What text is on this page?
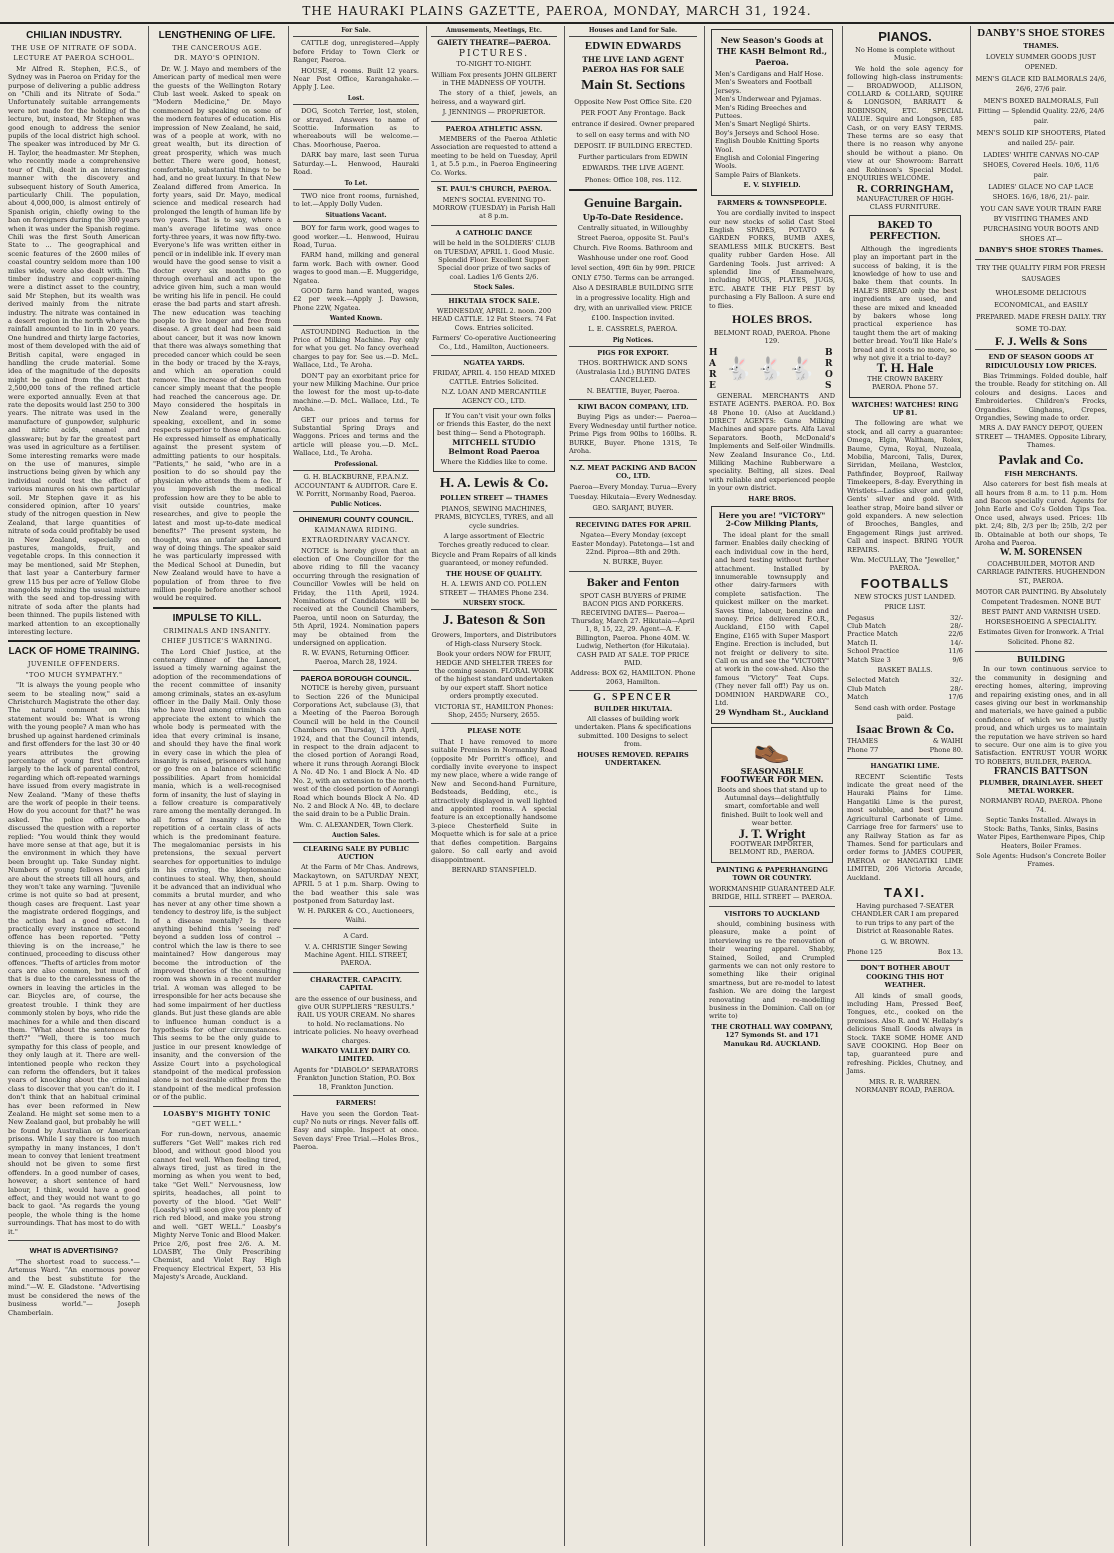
THE HAURAKI PLAINS GAZETTE, PAEROA, MONDAY, MARCH 31, 1924.
CHILIAN INDUSTRY.
THE USE OF NITRATE OF SODA.
LECTURE AT PAEROA SCHOOL.

Mr Alfred R. Stephen, F.C.S., of Sydney was in Paeroa on Friday for the purpose of delivering a public address on "Chili and its Nitrate of Soda." Unfortunately suitable arrangements were not made for the holding of the lecture, but, instead, Mr Stephen was good enough to address the senior pupils of the local district high school. The speaker was introduced by Mr G. H. Taylor, the headmaster. Mr Stephen, who recently made a comprehensive tour of Chili, dealt in an interesting manner with the discovery and subsequent history of South America, particularly Chili. The population, about 4,000,000, is almost entirely of Spanish origin, chiefly owing to the ban on foreigners during the 300 years when it was under the Spanish regime. Chili was the first South American State to ... The geographical and scenic features of the 2600 miles of coastal country seldom more than 100 miles wide, were also dealt with. The timber industry and copper-mining were a distinct asset to the country, said Mr Stephen, but its wealth was derived mainly from the nitrate industry. The nitrate was contained in a desert region in the north where the rainfall amounted to 1in in 20 years. One hundred and thirty large factories, most of them developed with the aid of British capital, were engaged in handling the crude material. Some idea of the magnitude of the deposits might be gained from the fact that 2,500,000 tons of the refined article were exported annually. Even at that rate the deposits would last 250 to 300 years. The nitrate was used in the manufacture of gunpowder, sulphuric and nitric acids, enamel and glassware; but by far the greatest part was used in agriculture as a fertiliser. Some interesting remarks were made on the use of manures, simple instructions being given by which any individual could test the effect of various manures on his own particular soil. Mr Stephen gave it as his considered opinion, after 10 years' study of the nitrogen question in New Zealand, that large quantities of nitrate of soda could profitably be used in New Zealand, especially on pastures, mangolds, fruit, and vegetable crops. In this connection it may be mentioned, said Mr Stephen, that last year a Canterbury farmer grew 115 bus per acre of Yellow Globe mangolds by mixing the usual mixture with the seed and top-dressing with nitrate of soda after the plants had been thinned. The pupils listened with marked attention to an exceptionally interesting lecture.

LACK OF HOME TRAINING.
JUVENILE OFFENDERS.
"TOO MUCH SYMPATHY."

"It is always the young people who seem to be stealing now," said a Christchurch Magistrate the other day. The natural comment on this statement would be: What is wrong with the young people? A man who has brushed up against hardened criminals and first offenders for the last 30 or 40 years attributes the growing percentage of young first offenders largely to the lack of parental control, regarding which oft-repeated warnings have issued from every magistrate in New Zealand. "Many of these thefts are the work of people in their teens. How do you account for that?" he was asked. The police officer who discussed the question with a reporter replied: "You would think they would have more sense at that age, but it is the environment in which they have been brought up. Take Sunday night. Numbers of young fellows and girls are about the streets till all hours, and they won't take any warning. "Juvenile crime is not quite so bad at present, though cases are frequent. Last year the magistrate ordered floggings, and the action had a good effect. In practically every instance no second offence has been reported. "Petty thieving is on the increase," he continued, proceeding to discuss other offences. "Thefts of articles from motor cars are also common, but much of that is due to the carelessness of the owners in leaving the articles in the car. Bicycles are, of course, the greatest trouble. I think they are commonly stolen by boys, who ride the machines for a while and then discard them. "What about the sentences for theft?" "Well, there is too much sympathy for this class of people, and they only laugh at it. There are well-intentioned people who reckon they can reform the offenders, but it takes years of knocking about the criminal class to discover that you can't do it. I don't think that an habitual criminal has ever been reformed in New Zealand. He might set some men to a New Zealand gaol, but probably he will be found by Australian or American prisons. While I say there is too much sympathy in many instances, I don't mean to convey that lenient treatment should not be given to some first offenders. In a good number of cases, however, a short sentence of hard labour, I think, would have a good effect, and they would not want to go back to gaol. "As regards the young people, the whole thing is the home surroundings. That has most to do with it."

WHAT IS ADVERTISING?

"The shortest road to success."— Artemus Ward. "An enormous power and the best substitute for the mind."—W. E. Gladstone. "Advertising must be considered the news of the business world."— Joseph Chamberlain.

LENGTHENING OF LIFE.
THE CANCEROUS AGE.
DR. MAYO'S OPINION.

Dr. W. J. Mayo and members of the American party of medical men were the guests of the Wellington Rotary Club last week. Asked to speak on "Modern Medicine," Dr. Mayo commenced by speaking on some of the modern features of education. His impression of New Zealand, he said, was of a people at work, with no great wealth, but its direction of great prosperity, which was much better. There were good, honest, comfortable, substantial things to be had, and no great luxury. In that New Zealand differed from America. In forty years, said Dr. Mayo, medical science and medical research had prolonged the length of human life by two years. That is to say, where a man's average lifetime was once forty-three years, it was now fifty-two. Everyone's life was written either in pencil or in indelible ink. If every man would have the good sense to visit a doctor every six months to go through overhaul and act upon the advice given him, such a man would be writing his life in pencil. He could erase the bad parts and start afresh. The new education was teaching people to live longer and free from disease. A great deal had been said about cancer, but it was now known that there was always something that preceded cancer which could be seen in the body or traced by the X-rays, and which an operation could remove. The increase of deaths from cancer simply meant that the people had reached the cancerous age. Dr. Mayo considered the hospitals in New Zealand were, generally speaking, excellent, and in some respects superior to those of America. He expressed himself as emphatically against the present system of admitting patients to our hospitals. "Patients," he said, "who are in a position to do so should pay the physician who attends them a fee. If you impoverish the medical profession how are they to be able to visit outside countries, make researches, and give to people the latest and most up-to-date medical benefits?" The present system, he thought, was an unfair and absurd way of doing things. The speaker said he was particularly impressed with the Medical School at Dunedin, but New Zealand would have to have a population of from three to five million people before another school would be required.

IMPULSE TO KILL.
CRIMINALS AND INSANITY.
CHIEF JUSTICE'S WARNING.

The Lord Chief Justice, at the centenary dinner of the Lancet, issued a timely warning against the adoption of the recommendations of the recent committee of insanity among criminals, states an ex-asylum officer in the Daily Mail. Only those who have lived among criminals can appreciate the extent to which the whole body is permeated with the idea that every criminal is insane, and should they have the final work in every case in which the plea of insanity is raised, prisoners will hang or go free on a balance of scientific possibilities. Apart from homicidal mania, which is a well-recognised form of insanity, the lust of slaying in a fellow creature is comparatively rare among the mentally deranged. In all forms of insanity it is the repetition of a certain class of acts which is the predominant feature. The megalomaniac persists in his pretensions, the sexual pervert searches for opportunities to indulge in his craving, the kleptomaniac continues to steal. Why, then, should it be advanced that an individual who commits a brutal murder, and who has never at any other time shown a tendency to destroy life, is the subject of a disease mentally? Is there anything behind this 'seeing red' beyond a sudden loss of control -- control which the law is there to see maintained? How dangerous may become the introduction of the improved theories of the consulting room was shown in a recent murder trial. A woman was alleged to be irresponsible for her acts because she had some impairment of her ductless glands. But just these glands are able to influence human conduct is a hypothesis for other circumstances. This seems to be the only guide to justice in our present knowledge of insanity, and the conversion of the Assize Court into a psychological standpoint of the medical profession alone is not desirable either from the standpoint of the medical profession or of the public.

LOASBY'S MIGHTY TONIC
"GET WELL."

For run-down, nervous, anaemic sufferers "Get Well" makes rich red blood, and without good blood you cannot feel well. When feeling tired, always tired, just as tired in the morning as when you went to bed, take "Get Well." Nervousness, low spirits, headaches, all point to poverty of the blood. "Get Well" (Loasby's) will soon give you plenty of rich red blood, and make you strong and well. "GET WELL." Loasby's Mighty Nerve Tonic and Blood Maker. Price 2/6, post free 2/6. A. M. LOASBY, The Only Prescribing Chemist, and Violet Ray High Frequency Electrical Expert, 53 His Majesty's Arcade, Auckland.

For Sale.

CATTLE dog, unregistered—Apply before Friday to Town Clerk or Ranger, Paeroa.

HOUSE, 4 rooms. Built 12 years. Near Post Office, Karangahake.—Apply J. Lee.

Lost.

DOG, Scotch Terrier, lost, stolen, or strayed. Answers to name of Scottie. Information as to whereabouts will be welcome.—Chas. Moorhouse, Paeroa.

DARK bay mare, last seen Turua Saturday.—L. Henwood, Hauraki Road.

To Let.

TWO nice front rooms, furnished, to let.—Apply Dolly Vuden.

Situations Vacant.

BOY for farm work, good wages to good worker.—L. Henwood, Huirau Road, Turua.

FARM hand, milking and general farm work. Bach with owner. Good wages to good man.—E. Muggeridge, Ngatea.

GOOD farm hand wanted, wages £2 per week.—Apply J. Dawson, Phone 22W, Ngatea.

Wanted Known.

ASTOUNDING Reduction in the Price of Milking Machine. Pay only for what you get. No fancy overhead charges to pay for. See us.—D. McL. Wallace, Ltd., Te Aroha.

DON'T pay an exorbitant price for your new Milking Machine. Our price the lowest for the most up-to-date machine.—D. McL. Wallace, Ltd., Te Aroha.

GET our prices and terms for Substantial Spring Drays and Waggons. Prices and terms and the article will please you.—D. McL. Wallace, Ltd., Te Aroha.

Professional.
G. H. BLACKBURNE, F.P.A.N.Z. ACCOUNTANT & AUDITOR. Care E. W. Porritt, Normanby Road, Paeroa.
Public Notices.
OHINEMURI COUNTY COUNCIL.
KAIMANAWA RIDING.
EXTRAORDINARY VACANCY.

NOTICE is hereby given that an election of One Councillor for the above riding to fill the vacancy occurring through the resignation of Councillor Vowles will be held on Friday, the 11th April, 1924. Nominations of Candidates will be received at the Council Chambers, Paeroa, until noon on Saturday, the 5th April, 1924. Nomination papers may be obtained from the undersigned on application.

R. W. EVANS, Returning Officer. Paeroa, March 28, 1924.
PAEROA BOROUGH COUNCIL.

NOTICE is hereby given, pursuant to Section 226 of the Municipal Corporations Act, subclause (3), that a Meeting of the Paeroa Borough Council will be held in the Council Chambers on Thursday, 17th April, 1924, and that the Council intends, in respect to the drain adjacent to the closed portion of Aorangi Road, where it runs through Aorangi Block A No. 4D No. 1 and Block A No. 4D No. 2, with an extension to the north-west of the closed portion of Aorangi Road which bounds Block A No. 4D No. 2 and Block A No. 4B, to declare the said drain to be a Public Drain.

Wm. C. ALEXANDER, Town Clerk.
Auction Sales.
CLEARING SALE BY PUBLIC AUCTION

At the Farm of Mr Chas. Andrews, Mackaytown, on SATURDAY NEXT, APRIL 5 at 1 p.m. Sharp. Owing to the bad weather this sale was postponed from Saturday last.

W. H. PARKER & CO., Auctioneers, Waihi.
A Card.
V. A. CHRISTIE Singer Sewing Machine Agent. HILL STREET, PAEROA.
CHARACTER. CAPACITY. CAPITAL
are the essence of our business, and give OUR SUPPLIERS "RESULTS." RAIL US YOUR CREAM. No shares to hold. No reclamations. No intricate policies. No heavy overhead charges.
WAIKATO VALLEY DAIRY CO. LIMITED.
Agents for "DIABOLO" SEPARATORS Frankton Junction Station, P.O. Box 18, Frankton Junction.
FARMERS!

Have you seen the Gordon Teat-cup? No nuts or rings. Never falls off. Easy and simple. Inspect at once. Seven days' Free Trial.—Holes Bros., Paeroa.

Amusements, Meetings, Etc.
GAIETY THEATRE—PAEROA.
PICTURES.
TO-NIGHT TO-NIGHT.
William Fox presents JOHN GILBERT in THE MADNESS OF YOUTH.

The story of a thief, jewels, an heiress, and a wayward girl.

J. JENNINGS — PROPRIETOR.
PAEROA ATHLETIC ASSN.

MEMBERS of the Paeroa Athletic Association are requested to attend a meeting to be held on Tuesday, April 1, at 5.5 p.m., in Paeroa Engineering Co. Works.

ST. PAUL'S CHURCH, PAEROA.
MEN'S SOCIAL EVENING TO-MORROW (TUESDAY) in Parish Hall at 8 p.m.
A CATHOLIC DANCE
will be held in the SOLDIERS' CLUB on TUESDAY, APRIL 1. Good Music. Splendid Floor. Excellent Supper. Special door prize of two sacks of coal. Ladies 1/6 Gents 2/6.
Stock Sales.
HIKUTAIA STOCK SALE.
WEDNESDAY, APRIL 2. noon. 200 HEAD CATTLE. 12 Fat Steers. 74 Fat Cows. Entries solicited.
Farmers' Co-operative Auctioneering Co., Ltd., Hamilton, Auctioneers.
NGATEA YARDS.
FRIDAY, APRIL 4. 150 HEAD MIXED CATTLE. Entries Solicited.
N.Z. LOAN AND MERCANTILE AGENCY CO., LTD.

If You can't visit your own folks or friends this Easter, do the next best thing— Send a Photograph.

MITCHELL STUDIO Belmont Road Paeroa
Where the Kiddies like to come.
H. A. Lewis & Co.
POLLEN STREET — THAMES
PIANOS, SEWING MACHINES, PRAMS, BICYCLES, TYRES, and all cycle sundries.
A large assortment of Electric Torches greatly reduced to clear.
Bicycle and Pram Repairs of all kinds guaranteed, or money refunded.
THE HOUSE OF QUALITY.
H. A. LEWIS AND CO. POLLEN STREET — THAMES Phone 234.
NURSERY STOCK.
J. Bateson & Son
Growers, Importers, and Distributors of High-class Nursery Stock.
Book your orders NOW for FRUIT, HEDGE AND SHELTER TREES for the coming season. FLORAL WORK of the highest standard undertaken by our expert staff. Short notice orders promptly executed.
VICTORIA ST., HAMILTON Phones: Shop, 2455; Nursery, 2655.
PLEASE NOTE

That I have removed to more suitable Premises in Normanby Road (opposite Mr Porritt's office), and cordially invite everyone to inspect my new place, where a wide range of New and Second-hand Furniture, Bedsteads, Bedding, etc., is attractively displayed in well lighted and appointed rooms. A special feature is an exceptionally handsome 3-piece Chesterfield Suite in Moquette which is for sale at a price that defies competition. Bargains galore. So call early and avoid disappointment.

BERNARD STANSFIELD.
Houses and Land for Sale.
EDWIN EDWARDS
THE LIVE LAND AGENT PAEROA HAS FOR SALE
Main St. Sections
Opposite New Post Office Site. £20 PER FOOT Any Frontage. Back entrance if desired. Owner prepared to sell on easy terms and with NO DEPOSIT. IF BUILDING ERECTED. Further particulars from EDWIN EDWARDS. THE LIVE AGENT.
Phones: Office 108, res. 112.
Genuine Bargain.
Up-To-Date Residence.
Centrally situated, in Willoughby Street Paeroa, opposite St. Paul's Church. Five Rooms. Bathroom and Washhouse under one roof. Good level section, 49ft 6in by 99ft. PRICE ONLY £750. Terms can be arranged. Also A DESIRABLE BUILDING SITE in a progressive locality. High and dry, with an unrivalled view. PRICE £100. Inspection invited.
L. E. CASSRELS, PAEROA.
Pig Notices.
PIGS FOR EXPORT.
THOS. BORTHWICK AND SONS (Australasia Ltd.) BUYING DATES CANCELLED.
N. BEATTIE, Buyer, Paeroa.
KIWI BACON COMPANY, LTD.

Buying Pigs as under:— Paeroa—Every Wednesday until further notice. Prime Pigs from 90lbs to 160lbs. R. BURKE, Buyer. Phone 131S, Te Aroha.

N.Z. MEAT PACKING AND BACON CO., LTD.
Paeroa—Every Monday. Turua—Every Tuesday. Hikutaia—Every Wednesday.
GEO. SARJANT, BUYER.
RECEIVING DATES FOR APRIL
Ngatea—Every Monday (except Easter Monday). Patetonga—1st and 22nd. Piproa—8th and 29th.
N. BURKE, Buyer.
Baker and Fenton
SPOT CASH BUYERS of PRIME BACON PIGS AND PORKERS. RECEIVING DATES— Paeroa—Thursday, March 27. Hikutaia—April 1, 8, 15, 22, 29. Agent—A. F. Billington, Paeroa. Phone 40M. W. Ludwig, Netherton (for Hikutaia). CASH PAID AT SALE. TOP PRICE PAID.
Address: BOX 62, HAMILTON. Phone 2063, Hamilton.
G. SPENCER
BUILDER HIKUTAIA.
All classes of building work undertaken. Plans & specifications submitted. 100 Designs to select from.
HOUSES REMOVED. REPAIRS UNDERTAKEN.
New Season's Goods at THE KASH Belmont Rd., Paeroa.
Men's Cardigans and Half Hose.
Men's Sweaters and Football Jerseys.
Men's Underwear and Pyjamas.
Men's Riding Breeches and Puttees.
Men's Smart Negligé Shirts.
Boy's Jerseys and School Hose.
English Double Knitting Sports Wool.
English and Colonial Fingering Wools.
Sample Pairs of Blankets.
E. V. SLYFIELD.
FARMERS & TOWNSPEOPLE.

You are cordially invited to inspect our new stocks of solid Cast Steel English SPADES, POTATO & GARDEN FORKS, BUMB AXES, SEAMLESS MILK BUCKETS. Best quality rubber Garden Hose. All Gardening Tools. Just arrived: A splendid line of Enamelware, including MUGS, PLATES, JUGS, ETC. ABATE THE FLY PEST by purchasing a Fly Balloon. A sure end to flies.

HOLES BROS.
BELMONT ROAD, PAEROA. Phone 129.
HARE
🐇🐇🐇
BROS

GENERAL MERCHANTS AND ESTATE AGENTS. PAEROA. P.O. Box 48 Phone 10. (Also at Auckland.) DIRECT AGENTS: Gane Milking Machines and spare parts. Alfa Laval Separators. Booth, McDonald's Implements and Self-oiler Windmills. New Zealand Insurance Co., Ltd. Milking Machine Rubberware a speciality. Belting, all sizes. Deal with reliable and experienced people in your own district.

HARE BROS.
Here you are! "VICTORY" 2-Cow Milking Plants,

The ideal plant for the small farmer. Enables daily checking of each individual cow in the herd, and herd testing without further attachment. Installed by innumerable townsupply and other dairy-farmers with complete satisfaction. The quickest milker on the market. Saves time, labour, benzine and money. Price delivered F.O.R., Auckland, £150 with Capel Engine, £165 with Super Masport Engine. Erection is included, but not freight or delivery to site. Call on us and see the "VICTORY" at work in the cow-shed. Also the famous "Victory" Teat Cups. (They never fall off!) Pay us on. DOMINION HARDWARE CO., Ltd.

29 Wyndham St., Auckland
👞
SEASONABLE FOOTWEAR FOR MEN.
Boots and shoes that stand up to Autumnal days—delightfully smart, comfortable and well finished. Built to look well and wear better.
J. T. Wright
FOOTWEAR IMPORTER, BELMONT RD., PAEROA.
PAINTING & PAPERHANGING TOWN OR COUNTRY.
WORKMANSHIP GUARANTEED ALF. BRIDGE, HILL STREET — PAEROA.
VISITORS TO AUCKLAND

should, combining business with pleasure, make a point of interviewing us re the renovation of their wearing apparel. Shabby, Stained, Soiled, and Crumpled garments we can not only restore to something like their original smartness, but are re-model to latest fashion. We are doing the largest renovating and re-modelling business in the Dominion. Call on (or write to)

THE CROTHALL WAY COMPANY, 127 Symonds St. and 171 Manukau Rd. AUCKLAND.
PIANOS.
No Home is complete without Music.

We hold the sole agency for following high-class instruments:— BROADWOOD, ALLISON, COLLARD & COLLARD, SQUIRE & LONGSON, BARRATT & ROBINSON, ETC. SPECIAL VALUE. Squire and Longson, £85 Cash, or on very EASY TERMS. These terms are so easy that there is no reason why anyone should be without a piano. On view at our Showroom: Barratt and Robinson's Special Model. ENQUIRIES WELCOME.

R. CORRINGHAM,
MANUFACTURER OF HIGH-CLASS FURNITURE.
BAKED TO PERFECTION.

Although the ingredients play an important part in the success of baking, it is the knowledge of how to use and bake them that counts. In HALE'S BREAD only the best ingredients are used, and these are mixed and kneaded by bakers whose long practical experience has taught them the art of making better bread. You'll like Hale's bread and it costs no more, so why not give it a trial to-day?

T. H. Hale
THE CROWN BAKERY PAEROA. Phone 57.
WATCHES! WATCHES! RING UP 81.

The following are what we stock, and all carry a guarantee: Omega, Elgin, Waltham, Rolex, Baume, Cyma, Royal, Nuzeala, Mobilia, Marconi, Talis, Durex, Sirridan, Meilana, Westclox, Pathfinder, Boyproof, Railway Timekeepers, 8-day. Everything in Wristlets—Ladies silver and gold, Gents' silver and gold. With leather strap, Moire band silver or gold expanders. A new selection of Brooches, Bangles, and Engagement Rings just arrived. Call and inspect. BRING YOUR REPAIRS.

Wm. McCULLAY, The "Jeweller," PAEROA.
FOOTBALLS
NEW STOCKS JUST LANDED.
PRICE LIST.
Pegasus	32/-
Club Match	28/-
Practice Match	22/6
Match II.	14/-
School Practice	11/6
Match Size 3	9/6
BASKET BALLS.
Selected Match	32/-
Club Match	28/-
Match	17/6
Send cash with order. Postage paid.
Isaac Brown & Co.
THAMES	& WAIHI
Phone 77	Phone 80.
HANGATIKI LIME.

RECENT Scientific Tests indicate the great need of the Hauraki Plains for Lime. Hangatiki Lime is the purest, most soluble, and best ground Agricultural Carbonate of Lime. Carriage free for farmers' use to any Railway Station as far as Thames. Send for particulars and order forms to JAMES COUPER, PAEROA or HANGATIKI LIME LIMITED, 206 Victoria Arcade, Auckland.

TAXI.
Having purchased 7-SEATER CHANDLER CAR I am prepared to run trips to any part of the District at Reasonable Rates.
G. W. BROWN.
Phone 125	Box 13.
DON'T BOTHER ABOUT COOKING THIS HOT WEATHER.

All kinds of small goods, including Ham, Pressed Beef, Tongues, etc., cooked on the premises. Also R. and W. Hellaby's delicious Small Goods always in Stock. TAKE SOME HOME AND SAVE COOKING. Hop Beer on tap, guaranteed pure and refreshing. Pickles, Chutney, and Jams.

MRS. R. R. WARREN. NORMANBY ROAD, PAEROA.
DANBY'S SHOE STORES
THAMES.
LOVELY SUMMER GOODS JUST OPENED.
MEN'S GLACE KID BALMORALS 24/6, 26/6, 27/6 pair.
MEN'S BOXED BALMORALS, Full Fitting — Splendid Quality. 22/6, 24/6 pair.
MEN'S SOLID KIP SHOOTERS, Plated and nailed 25/- pair.
LADIES' WHITE CANVAS NO-CAP SHOES, Covered Heels. 10/6, 11/6 pair.
LADIES' GLACE NO CAP LACE SHOES. 16/6, 18/6, 21/- pair.
YOU CAN SAVE YOUR TRAIN FARE BY VISITING THAMES AND PURCHASING YOUR BOOTS AND SHOES AT—
DANBY'S SHOE STORES Thames.
TRY THE QUALITY FIRM FOR FRESH SAUSAGES
WHOLESOME DELICIOUS ECONOMICAL, and EASILY PREPARED. MADE FRESH DAILY. TRY SOME TO-DAY.
F. J. Wells & Sons
END OF SEASON GOODS AT RIDICULOUSLY LOW PRICES.

Bias Trimmings. Folded double, half the trouble. Ready for stitching on. All colours and designs. Laces and Embroideries. Children's Frocks, Organdies. Ginghams, Crepes, Organdies, Sewing made to order.

MRS A. DAY FANCY DEPOT, QUEEN STREET — THAMES. Opposite Library, Thames.
Pavlak and Co.
FISH MERCHANTS.

Also caterers for best fish meals at all hours from 8 a.m. to 11 p.m. Hom and Bacon specially cured. Agents for John Earle and Co's Golden Tips Tea. Once used, always used. Prices: 1lb pkt. 2/4; 8lb, 2/3 per lb; 25lb, 2/2 per lb. Obtainable at both our shops, Te Aroha and Paeroa.

W. M. SORENSEN
COACHBUILDER, MOTOR AND CARRIAGE PAINTERS. HUGHENDON ST., PAEROA.
MOTOR CAR PAINTING. By Absolutely Competent Tradesmen. NONE BUT BEST PAINT AND VARNISH USED. HORSESHOEING A SPECIALITY. Estimates Given for Ironwork. A Trial Solicited. Phone 82.
BUILDING

In our town continuous service to the community in designing and erecting homes, altering, improving and repairing existing ones, and in all cases giving our best in workmanship and materials, we have gained a public confidence of which we are justly proud, and which urges us to maintain the reputation we have striven so hard to secure. Our one aim is to give you Satisfaction. ENTRUST YOUR WORK TO ROBERTS, BUILDER, PAEROA.

FRANCIS BATTSON
PLUMBER, DRAINLAYER. SHEET METAL WORKER.
NORMANBY ROAD, PAEROA. Phone 74.
Septic Tanks Installed. Always in Stock: Baths, Tanks, Sinks, Basins Water Pipes, Earthenware Pipes, Chip Heaters, Boiler Frames.
Sole Agents: Hudson's Concrete Boiler Frames.
